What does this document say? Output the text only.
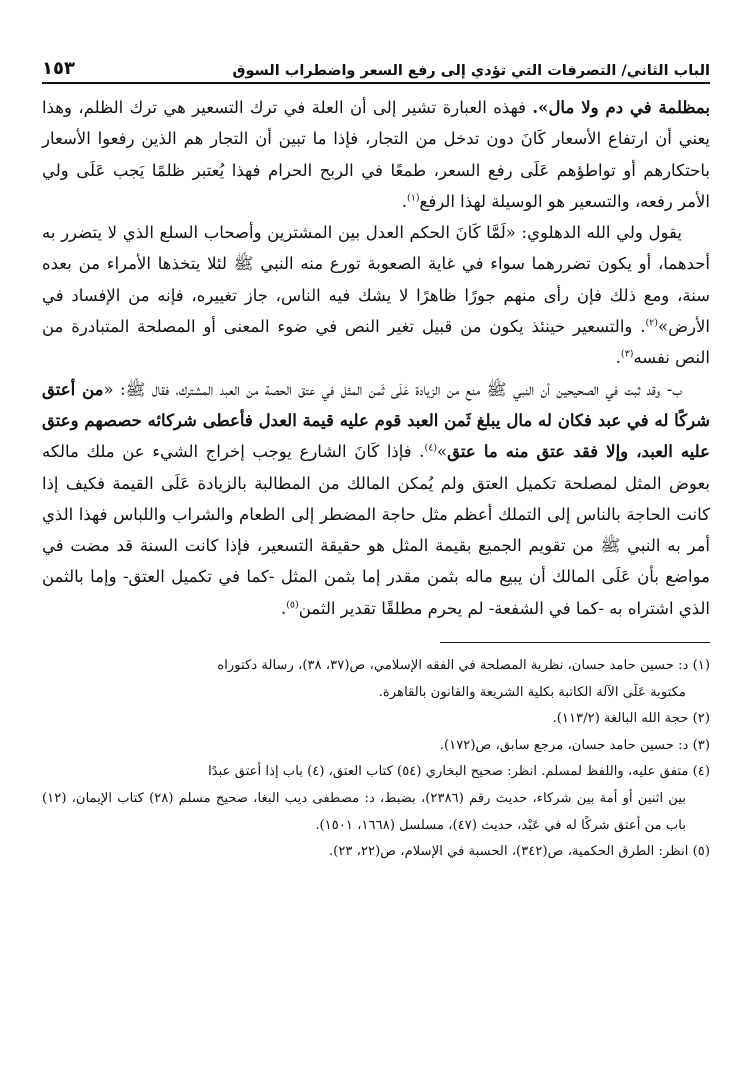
الباب الثاني/ التصرفات التي تؤدي إلى رفع السعر واضطراب السوق
١٥٣

بمظلمة في دم ولا مال». فهذه العبارة تشير إلى أن العلة في ترك التسعير هي ترك الظلم، وهذا يعني أن ارتفاع الأسعار كَانَ دون تدخل من التجار، فإذا ما تبين أن التجار هم الذين رفعوا الأسعار باحتكارهم أو تواطؤهم عَلَى رفع السعر، طمعًا في الربح الحرام فهذا يُعتبر ظلمًا يَجب عَلَى ولي الأمر رفعه، والتسعير هو الوسيلة لهذا الرفع$^{(١)}$.

يقول ولي الله الدهلوي: «لَمَّا كَانَ الحكم العدل بين المشترين وأصحاب السلع الذي لا يتضرر به أحدهما، أو يكون تضررهما سواء في غاية الصعوبة تورع منه النبي ﷺ لئلا يتخذها الأمراء من بعده سنة، ومع ذلك فإن رأى منهم جورًا ظاهرًا لا يشك فيه الناس، جاز تغييره، فإنه من الإفساد في الأرض»$^{(٢)}$. والتسعير حينئذ يكون من قبيل تغير النص في ضوء المعنى أو المصلحة المتبادرة من النص نفسه$^{(٣)}$.

ب- وقد ثبت في الصحيحين أن النبي ﷺ منع من الزيادة عَلَى ثَمن المثل في عتق الحصة من العبد المشترك، فقال ﷺ: «من أعتق شركًا له في عبد فكان له مال يبلغ ثَمن العبد قوم عليه قيمة العدل فأعطى شركائه حصصهم وعتق عليه العبد، وإلا فقد عتق منه ما عتق»$^{(٤)}$. فإذا كَانَ الشارع يوجب إخراج الشيء عن ملك مالكه بعوض المثل لمصلحة تكميل العتق ولم يُمكن المالك من المطالبة بالزيادة عَلَى القيمة فكيف إذا كانت الحاجة بالناس إلى التملك أعظم مثل حاجة المضطر إلى الطعام والشراب واللباس فهذا الذي أمر به النبي ﷺ من تقويم الجميع بقيمة المثل هو حقيقة التسعير، فإذا كانت السنة قد مضت في مواضع بأن عَلَى المالك أن يبيع ماله بثمن مقدر إما بثمن المثل -كما في تكميل العتق- وإما بالثمن الذي اشتراه به -كما في الشفعة- لم يحرم مطلقًا تقدير الثمن$^{(٥)}$.

(١) د: حسين حامد حسان، نظرية المصلحة في الفقه الإسلامي، ص(٣٧، ٣٨)، رسالة دكتوراه
مكتوبة عَلَى الآلة الكاتبة بكلية الشريعة والقانون بالقاهرة.

(٢) حجة الله البالغة (١١٣/٢).

(٣) د: حسين حامد حسان، مرجع سابق، ص(١٧٢).

(٤) متفق عليه، واللفظ لمسلم. انظر: صحيح البخاري (٥٤) كتاب العتق، (٤) باب إذا أعتق عبدًا
بين اثنين أو أمة بين شركاء، حديث رقم (٢٣٨٦)، بضبط، د: مصطفى ديب البغا، صحيح مسلم (٢٨) كتاب الإيمان، (١٢) باب من أعتق شركًا له في عَبْد، حديث (٤٧)، مسلسل (١٦٦٨، ١٥٠١).

(٥) انظر: الطرق الحكمية، ص(٣٤٢)، الحسبة في الإسلام، ص(٢٢، ٢٣).
